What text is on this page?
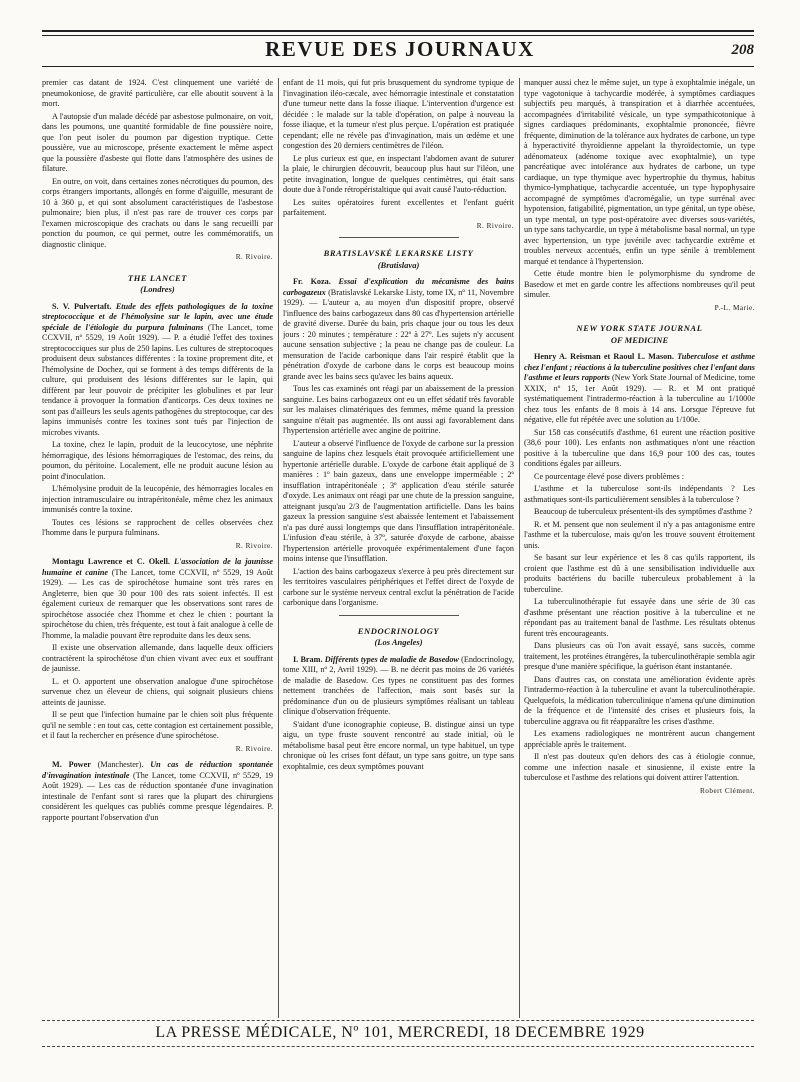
REVUE DES JOURNAUX	208

premier cas datant de 1924. C'est clinquement une variété de pneumokoniose, de gravité particulière, car elle aboutit souvent à la mort.

A l'autopsie d'un malade décédé par asbestose pulmonaire, on voit, dans les poumons, une quantité formidable de fine poussière noire, que l'on peut isoler du poumon par digestion tryptique. Cette poussière, vue au microscope, présente exactement le même aspect que la poussière d'asbeste qui flotte dans l'atmosphère des usines de filature.

En outre, on voit, dans certaines zones nécrotiques du poumon, des corps étrangers importants, allongés en forme d'aiguille, mesurant de 10 à 360 μ, et qui sont absolument caractéristiques de l'asbestose pulmonaire; bien plus, il n'est pas rare de trouver ces corps par l'examen microscopique des crachats ou dans le sang recueilli par ponction du poumon, ce qui permet, outre les commémoratifs, un diagnostic clinique.

R. Rivoire.

THE LANCET
(Londres)

S. V. Pulvertaft. Etude des effets pathologiques de la toxine streptococcique et de l'hémolysine sur le lapin, avec une étude spéciale de l'étiologie du purpura fulminans (The Lancet, tome CCXVII, nº 5529, 19 Août 1929). — P. a étudié l'effet des toxines streptococciques sur plus de 250 lapins. Les cultures de streptocoques produisent deux substances différentes : la toxine proprement dite, et l'hémolysine de Dochez, qui se forment à des temps différents de la culture, qui produisent des lésions différentes sur le lapin, qui diffèrent par leur pouvoir de précipiter les globulines et par leur tendance à provoquer la formation d'anticorps. Ces deux toxines ne sont pas d'ailleurs les seuls agents pathogènes du streptocoque, car des lapins immunisés contre les toxines sont tués par l'injection de microbes vivants.

La toxine, chez le lapin, produit de la leucocytose, une néphrite hémorragique, des lésions hémorragiques de l'estomac, des reins, du poumon, du péritoine. Localement, elle ne produit aucune lésion au point d'inoculation.

L'hémolysine produit de la leucopénie, des hémorragies locales en injection intramusculaire ou intrapéritonéale, même chez les animaux immunisés contre la toxine.

Toutes ces lésions se rapprochent de celles observées chez l'homme dans le purpura fulminans.

R. Rivoire.

Montagu Lawrence et C. Okell. L'association de la jaunisse humaine et canine (The Lancet, tome CCXVII, nº 5529, 19 Août 1929). — Les cas de spirochétose humaine sont très rares en Angleterre, bien que 30 pour 100 des rats soient infectés. Il est également curieux de remarquer que les observations sont rares de spirochétose associée chez l'homme et chez le chien : pourtant la spirochétose du chien, très fréquente, est tout à fait analogue à celle de l'homme, la maladie pouvant être reproduite dans les deux sens.

Il existe une observation allemande, dans laquelle deux officiers contractèrent la spirochétose d'un chien vivant avec eux et souffrant de jaunisse.

L. et O. apportent une observation analogue d'une spirochétose survenue chez un éleveur de chiens, qui soignait plusieurs chiens atteints de jaunisse.

Il se peut que l'infection humaine par le chien soit plus fréquente qu'il ne semble : en tout cas, cette contagion est certainement possible, et il faut la rechercher en présence d'une spirochétose.

R. Rivoire.

M. Power (Manchester). Un cas de réduction spontanée d'invagination intestinale (The Lancet, tome CCXVII, nº 5529, 19 Août 1929). — Les cas de réduction spontanée d'une invagination intestinale de l'enfant sont si rares que la plupart des chirurgiens considèrent les quelques cas publiés comme presque légendaires. P. rapporte pourtant l'observation d'un

enfant de 11 mois, qui fut pris brusquement du syndrome typique de l'invagination iléo-cæcale, avec hémorragie intestinale et constatation d'une tumeur nette dans la fosse iliaque. L'intervention d'urgence est décidée : le malade sur la table d'opération, on palpe à nouveau la fosse iliaque, et la tumeur n'est plus perçue. L'opération est pratiquée cependant; elle ne révèle pas d'invagination, mais un œdème et une congestion des 20 derniers centimètres de l'iléon.

Le plus curieux est que, en inspectant l'abdomen avant de suturer la plaie, le chirurgien découvrit, beaucoup plus haut sur l'iléon, une petite invagination, longue de quelques centimètres, qui était sans doute due à l'onde rétropéristaltique qui avait causé l'auto-réduction.

Les suites opératoires furent excellentes et l'enfant guérit parfaitement.

R. Rivoire.

BRATISLAVSKÉ LEKARSKE LISTY
(Bratislava)

Fr. Koza. Essai d'explication du mécanisme des bains carbogazeux (Bratislavské Lekarske Listy, tome IX, nº 11, Novembre 1929). — L'auteur a, au moyen d'un dispositif propre, observé l'influence des bains carbogazeux dans 80 cas d'hypertension artérielle de gravité diverse. Durée du bain, pris chaque jour ou tous les deux jours : 20 minutes ; température : 22º à 27º. Les sujets n'y accusent aucune sensation subjective ; la peau ne change pas de couleur. La mensuration de l'acide carbonique dans l'air respiré établit que la pénétration d'oxyde de carbone dans le corps est beaucoup moins grande avec les bains secs qu'avec les bains aqueux.

Tous les cas examinés ont réagi par un abaissement de la pression sanguine. Les bains carbogazeux ont eu un effet sédatif très favorable sur les malaises climatériques des femmes, même quand la pression sanguine n'était pas augmentée. Ils ont aussi agi favorablement dans l'hypertension artérielle avec angine de poitrine.

L'auteur a observé l'influence de l'oxyde de carbone sur la pression sanguine de lapins chez lesquels était provoquée artificiellement une hypertonie artérielle durable. L'oxyde de carbone était appliqué de 3 manières : 1º bain gazeux, dans une enveloppe imperméable ; 2º insufflation intrapéritonéale ; 3º application d'eau stérile saturée d'oxyde. Les animaux ont réagi par une chute de la pression sanguine, atteignant jusqu'au 2/3 de l'augmentation artificielle. Dans les bains gazeux la pression sanguine s'est abaissée lentement et l'abaissement n'a pas duré aussi longtemps que dans l'insufflation intrapéritonéale. L'infusion d'eau stérile, à 37º, saturée d'oxyde de carbone, abaisse l'hypertension artérielle provoquée expérimentalement d'une façon moins intense que l'insufflation.

L'action des bains carbogazeux s'exerce à peu près directement sur les territoires vasculaires périphériques et l'effet direct de l'oxyde de carbone sur le système nerveux central exclut la pénétration de l'acide carbonique dans l'organisme.

ENDOCRINOLOGY
(Los Angeles)

I. Bram. Différents types de maladie de Basedow (Endocrinology, tome XIII, nº 2, Avril 1929). — B. ne décrit pas moins de 26 variétés de maladie de Basedow. Ces types ne constituent pas des formes nettement tranchées de l'affection, mais sont basés sur la prédominance d'un ou de plusieurs symptômes réalisant un tableau clinique d'observation fréquente.

S'aidant d'une iconographie copieuse, B. distingue ainsi un type aigu, un type fruste souvent rencontré au stade initial, où le métabolisme basal peut être encore normal, un type habituel, un type chronique où les crises font défaut, un type sans goitre, un type sans exophtalmie, ces deux symptômes pouvant

manquer aussi chez le même sujet, un type à exophtalmie inégale, un type vagotonique à tachycardie modérée, à symptômes cardiaques subjectifs peu marqués, à transpiration et à diarrhée accentuées, accompagnées d'irritabilité vésicale, un type sympathicotonique à signes cardiaques prédominants, exophtalmie prononcée, fièvre fréquente, diminution de la tolérance aux hydrates de carbone, un type à hyperactivité thyroïdienne appelant la thyroïdectomie, un type adénomateux (adénome toxique avec exophtalmie), un type pancréatique avec intolérance aux hydrates de carbone, un type cardiaque, un type thymique avec hypertrophie du thymus, habitus thymico-lymphatique, tachycardie accentuée, un type hypophysaire accompagné de symptômes d'acromégalie, un type surrénal avec hypotension, fatigabilité, pigmentation, un type génital, un type obèse, un type mental, un type post-opératoire avec diverses sous-variétés, un type sans tachycardie, un type à métabolisme basal normal, un type avec hypertension, un type juvénile avec tachycardie extrême et troubles nerveux accentués, enfin un type sénile à tremblement marqué et tendance à l'hypertension.

Cette étude montre bien le polymorphisme du syndrome de Basedow et met en garde contre les affections nombreuses qu'il peut simuler.

P.-L. Marie.

NEW YORK STATE JOURNAL
OF MEDICINE

Henry A. Reisman et Raoul L. Mason. Tuberculose et asthme chez l'enfant ; réactions à la tuberculine positives chez l'enfant dans l'asthme et leurs rapports (New York State Journal of Medicine, tome XXIX, nº 15, 1er Août 1929). — R. et M ont pratiqué systématiquement l'intradermo-réaction à la tuberculine au 1/1000e chez tous les enfants de 8 mois à 14 ans. Lorsque l'épreuve fut négative, elle fut répétée avec une solution au 1/100e.

Sur 158 cas consécutifs d'asthme, 61 eurent une réaction positive (38,6 pour 100). Les enfants non asthmatiques n'ont une réaction positive à la tuberculine que dans 16,9 pour 100 des cas, toutes conditions égales par ailleurs.

Ce pourcentage élevé pose divers problèmes :

L'asthme et la tuberculose sont-ils indépendants ? Les asthmatiques sont-ils particulièrement sensibles à la tuberculose ?

Beaucoup de tuberculeux présentent-ils des symptômes d'asthme ?

R. et M. pensent que non seulement il n'y a pas antagonisme entre l'asthme et la tuberculose, mais qu'on les trouve souvent étroitement unis.

Se basant sur leur expérience et les 8 cas qu'ils rapportent, ils croient que l'asthme est dû à une sensibilisation individuelle aux produits bactériens du bacille tuberculeux probablement à la tuberculine.

La tuberculinothérapie fut essayée dans une série de 30 cas d'asthme présentant une réaction positive à la tuberculine et ne répondant pas au traitement banal de l'asthme. Les résultats obtenus furent très encourageants.

Dans plusieurs cas où l'on avait essayé, sans succès, comme traitement, les protéines étrangères, la tuberculinothérapie sembla agir presque d'une manière spécifique, la guérison étant instantanée.

Dans d'autres cas, on constata une amélioration évidente après l'intradermo-réaction à la tuberculine et avant la tuberculinothérapie. Quelquefois, la médication tuberculinique n'amena qu'une diminution de la fréquence et de l'intensité des crises et plusieurs fois, la tuberculine aggrava ou fit réapparaître les crises d'asthme.

Les examens radiologiques ne montrèrent aucun changement appréciable après le traitement.

Il n'est pas douteux qu'en dehors des cas à étiologie connue, comme une infection nasale et sinusienne, il existe entre la tuberculose et l'asthme des relations qui doivent attirer l'attention.

Robert Clément.

LA PRESSE MÉDICALE, Nº 101, MERCREDI, 18 DECEMBRE 1929
